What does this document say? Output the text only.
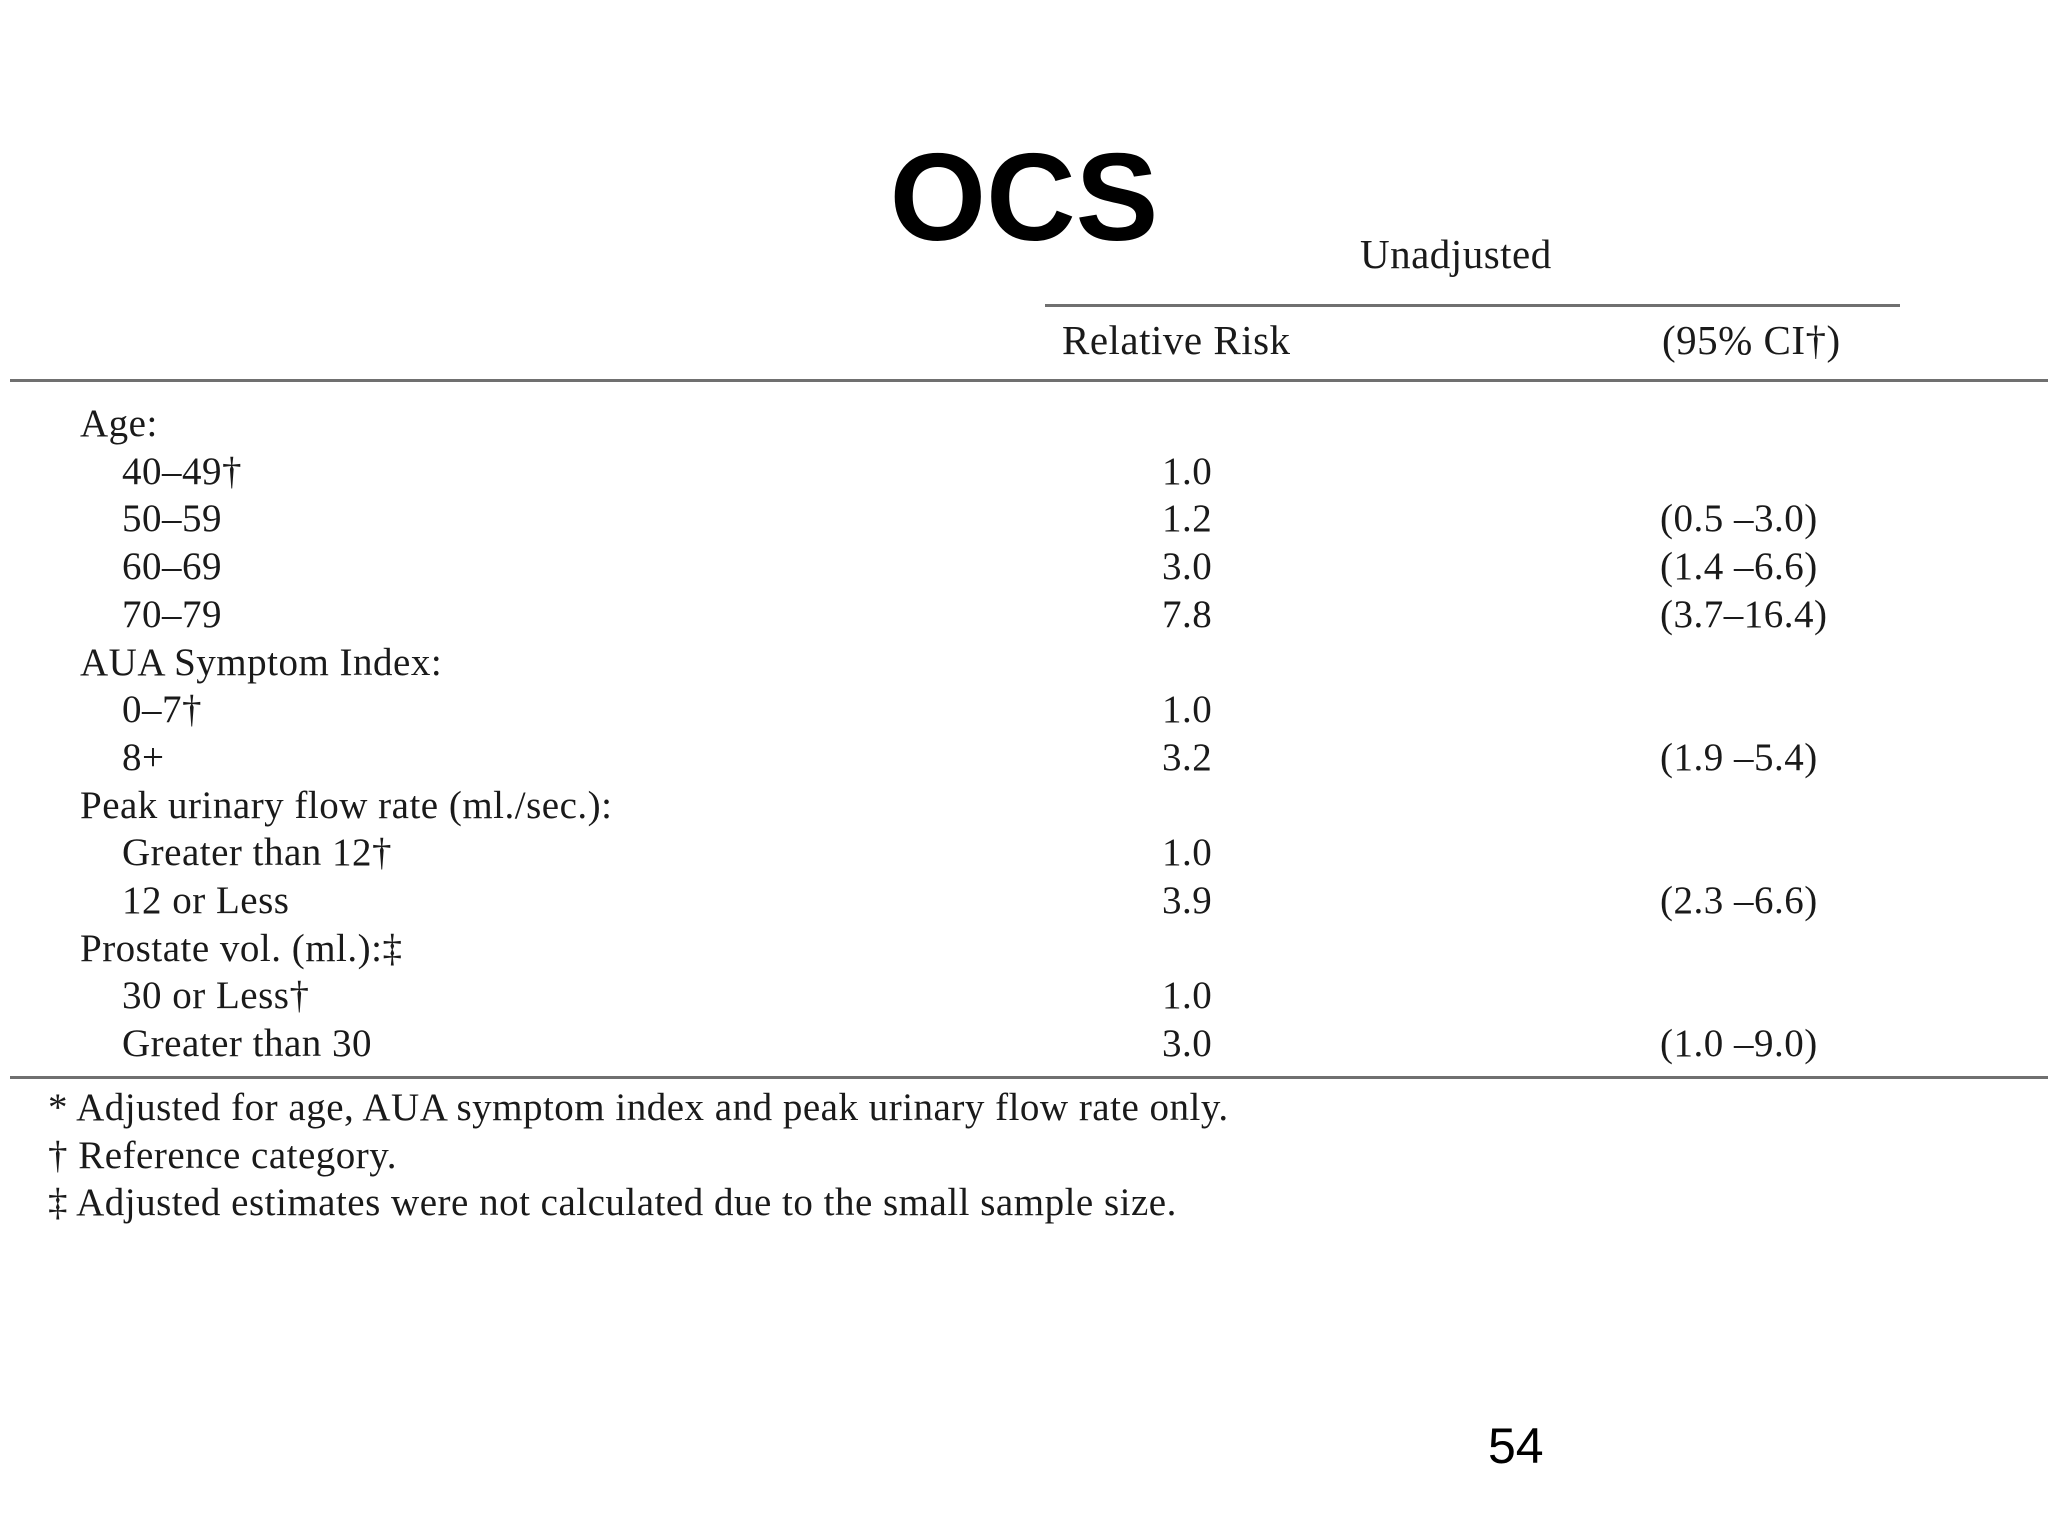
OCS	Unadjusted
Relative Risk	(95% CI†)
Age:
40–49†	1.0
50–59	1.2	(0.5 –3.0)
60–69	3.0	(1.4 –6.6)
70–79	7.8	(3.7–16.4)
AUA Symptom Index:
0–7†	1.0
8+	3.2	(1.9 –5.4)
Peak urinary flow rate (ml./sec.):
Greater than 12†	1.0
12 or Less	3.9	(2.3 –6.6)
Prostate vol. (ml.):‡
30 or Less†	1.0
Greater than 30	3.0	(1.0 –9.0)
* Adjusted for age, AUA symptom index and peak urinary flow rate only.
† Reference category.
‡ Adjusted estimates were not calculated due to the small sample size.
54
